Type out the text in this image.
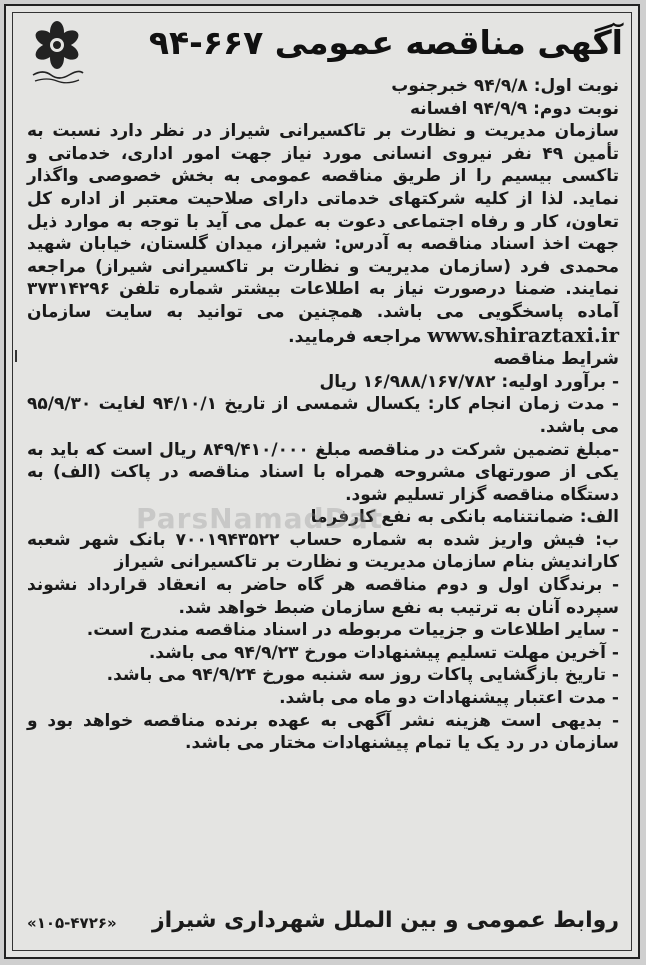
آگهی مناقصه عمومی ۶۶۷-۹۴

نوبت اول: ۹۴/۹/۸ خبرجنوب

نوبت دوم: ۹۴/۹/۹ افسانه

سازمان مدیریت و نظارت بر تاکسیرانی شیراز در نظر دارد نسبت به تأمین ۴۹ نفر نیروی انسانی مورد نیاز جهت امور اداری، خدماتی و تاکسی بیسیم را از طریق مناقصه عمومی به بخش خصوصی واگذار نماید. لذا از کلیه شرکتهای خدماتی دارای صلاحیت معتبر از اداره کل تعاون، کار و رفاه اجتماعی دعوت به عمل می آید با توجه به موارد ذیل جهت اخذ اسناد مناقصه به آدرس: شیراز، میدان گلستان، خیابان شهید محمدی فرد (سازمان مدیریت و نظارت بر تاکسیرانی شیراز) مراجعه نمایند. ضمنا درصورت نیاز به اطلاعات بیشتر شماره تلفن ۳۷۳۱۴۲۹۶ آماده پاسخگویی می باشد. همچنین می توانید به سایت سازمان www.shiraztaxi.ir مراجعه فرمایید.

شرایط مناقصه

- برآورد اولیه: ۱۶/۹۸۸/۱۶۷/۷۸۲ ریال

- مدت زمان انجام کار: یکسال شمسی از تاریخ ۹۴/۱۰/۱ لغایت ۹۵/۹/۳۰ می باشد.

-مبلغ تضمین شرکت در مناقصه مبلغ ۸۴۹/۴۱۰/۰۰۰ ریال است که باید به یکی از صورتهای مشروحه همراه با اسناد مناقصه در پاکت (الف) به دستگاه مناقصه گزار تسلیم شود.

الف: ضمانتنامه بانکی به نفع کارفرما

ب: فیش واریز شده به شماره حساب ۷۰۰۱۹۴۳۵۲۲ بانک شهر شعبه کارانديش بنام سازمان مدیریت و نظارت بر تاکسیرانی شیراز

- برندگان اول و دوم مناقصه هر گاه حاضر به انعقاد قرارداد نشوند سپرده آنان به ترتیب به نفع سازمان ضبط خواهد شد.

- سایر اطلاعات و جزییات مربوطه در اسناد مناقصه مندرج است.

- آخرین مهلت تسلیم پیشنهادات مورخ ۹۴/۹/۲۳ می باشد.

- تاریخ بازگشایی پاکات روز سه شنبه مورخ ۹۴/۹/۲۴ می باشد.

- مدت اعتبار پیشنهادات دو ماه می باشد.

- بدیهی است هزینه نشر آگهی به عهده برنده مناقصه خواهد بود و سازمان در رد یک یا تمام پیشنهادات مختار می باشد.

روابط عمومی و بین الملل شهرداری شیراز
«۱۰۵-۴۷۲۶»
ParsNamadDat
